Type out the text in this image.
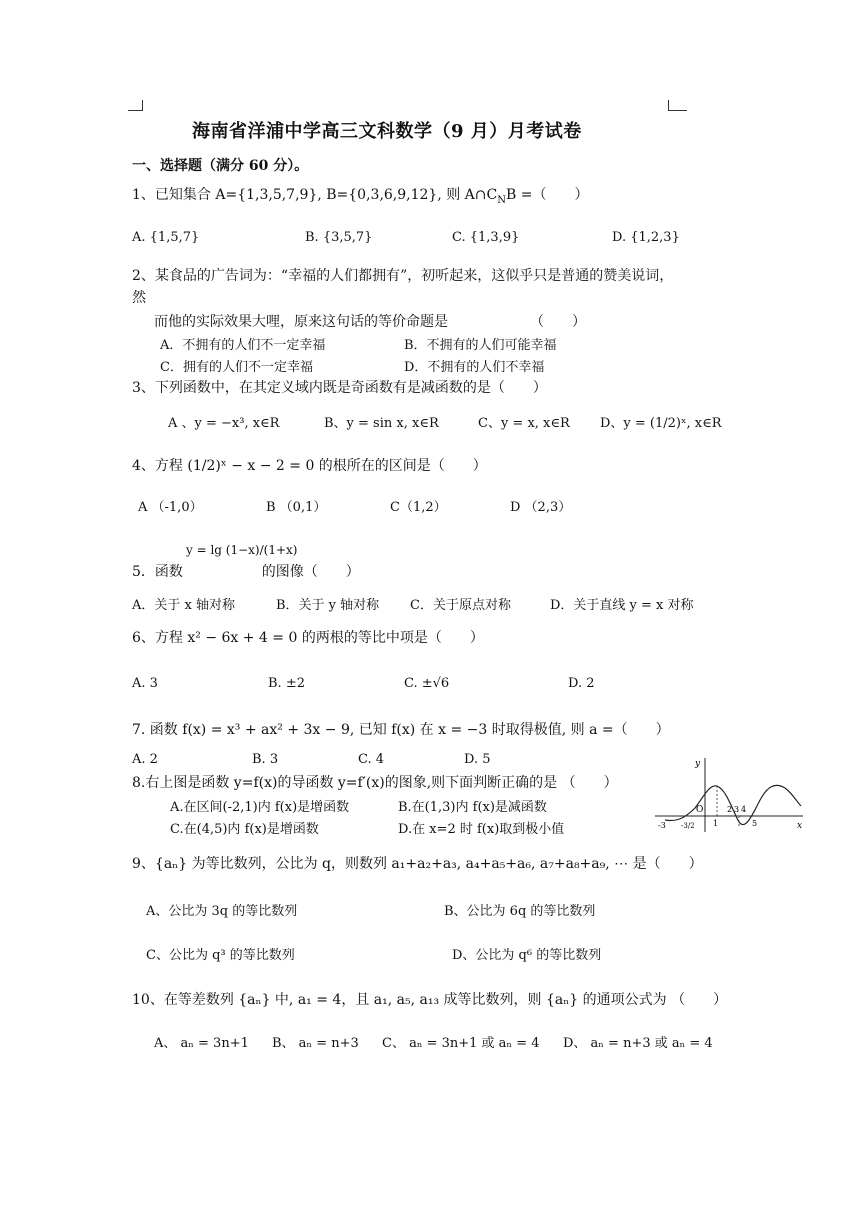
海南省洋浦中学高三文科数学（9 月）月考试卷
一、选择题（满分 60 分）。
1、已知集合 A={1,3,5,7,9}, B={0,3,6,9,12}, 则 $A\cap C_NB$ =（　　）
A. {1,5,7}	B. {3,5,7}	C. {1,3,9}	D. {1,2,3}
2、某食品的广告词为：“幸福的人们都拥有”，初听起来，这似乎只是普通的赞美说词，
然
而他的实际效果大哩，原来这句话的等价命题是	（　　）
A．不拥有的人们不一定幸福	B．不拥有的人们可能幸福
C．拥有的人们不一定幸福	D．不拥有的人们不幸福
3、下列函数中，在其定义域内既是奇函数有是减函数的是（　　）
A 、y = −x³, x∈R	B、y = sin x, x∈R	C、y = x, x∈R D、y = (1/2)ˣ, x∈R
4、方程 (1/2)ˣ − x − 2 = 0 的根所在的区间是（　　）
A （-1,0）	B （0,1）	C（1,2）	D （2,3）
y = lg (1−x)/(1+x)
5．函数 　　　　　 的图像（　　）
A．关于 x 轴对称	B．关于 y 轴对称 C．关于原点对称	D．关于直线 y = x 对称
6、方程 x² − 6x + 4 = 0 的两根的等比中项是（　　）
A. 3	B. ±2	C. ±√6	D. 2
7. 函数 f(x) = x³ + ax² + 3x − 9, 已知 f(x) 在 x = −3 时取得极值, 则 a =（　　）
A. 2	B. 3	C. 4	D. 5
8.右上图是函数 y=f(x)的导函数 y=f′(x)的图象,则下面判断正确的是 （　　）
A.在区间(-2,1)内 f(x)是增函数	B.在(1,3)内 f(x)是减函数
C.在(4,5)内 f(x)是增函数	D.在 x=2 时 f(x)取到极小值
y
x
O
-3 -3/2 1
2 3 4
5
9、{aₙ} 为等比数列，公比为 q，则数列 a₁+a₂+a₃, a₄+a₅+a₆, a₇+a₈+a₉, ⋯ 是（　　）
A、公比为 3q 的等比数列	B、公比为 6q 的等比数列
C、公比为 q³ 的等比数列	D、公比为 q⁶ 的等比数列
10、在等差数列 {aₙ} 中, a₁ = 4，且 a₁, a₅, a₁₃ 成等比数列，则 {aₙ} 的通项公式为 （　　）
A、 aₙ = 3n+1 B、 aₙ = n+3 C、 aₙ = 3n+1 或 aₙ = 4 D、 aₙ = n+3 或 aₙ = 4
